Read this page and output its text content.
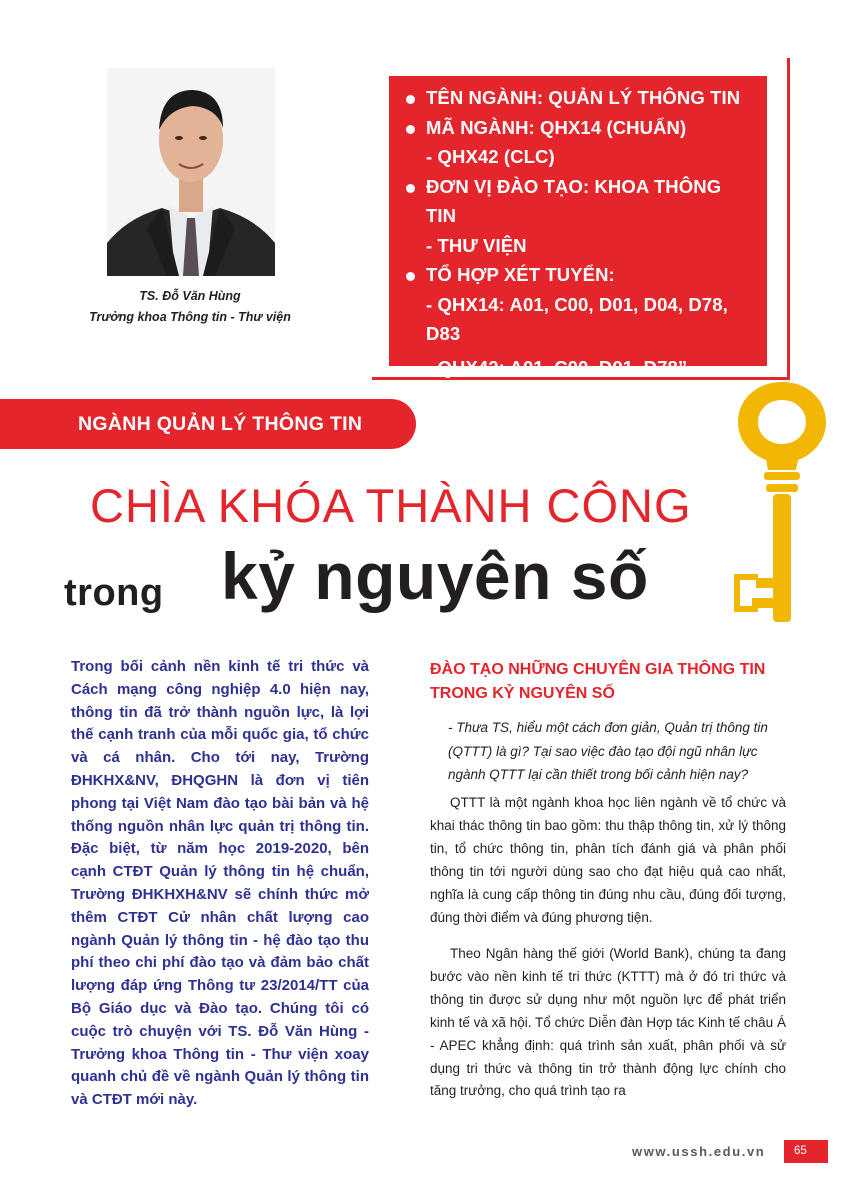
TS. Đỗ Văn Hùng
Trưởng khoa Thông tin - Thư viện
TÊN NGÀNH: QUẢN LÝ THÔNG TIN
MÃ NGÀNH: QHX14 (CHUẨN)
- QHX42 (CLC)
ĐƠN VỊ ĐÀO TẠO: KHOA THÔNG TIN
- THƯ VIỆN
TỔ HỢP XÉT TUYỂN:
- QHX14: A01, C00, D01, D04, D78,
D83
- QHX42: A01, C00, D01, D78”
NGÀNH QUẢN LÝ THÔNG TIN
CHÌA KHÓA THÀNH CÔNG
trong kỷ nguyên số
Trong bối cảnh nền kinh tế tri thức và Cách mạng công nghiệp 4.0 hiện nay, thông tin đã trở thành nguồn lực, là lợi thế cạnh tranh của mỗi quốc gia, tổ chức và cá nhân. Cho tới nay, Trường ĐHKHX&NV, ĐHQGHN là đơn vị tiên phong tại Việt Nam đào tạo bài bản và hệ thống nguồn nhân lực quản trị thông tin. Đặc biệt, từ năm học 2019-2020, bên cạnh CTĐT Quản lý thông tin hệ chuẩn, Trường ĐHKHXH&NV sẽ chính thức mở thêm CTĐT Cử nhân chất lượng cao ngành Quản lý thông tin - hệ đào tạo thu phí theo chi phí đào tạo và đảm bảo chất lượng đáp ứng Thông tư 23/2014/TT của Bộ Giáo dục và Đào tạo. Chúng tôi có cuộc trò chuyện với TS. Đỗ Văn Hùng - Trưởng khoa Thông tin - Thư viện xoay quanh chủ đề về ngành Quản lý thông tin và CTĐT mới này.
ĐÀO TẠO NHỮNG CHUYÊN GIA THÔNG TIN TRONG KỶ NGUYÊN SỐ
- Thưa TS, hiểu một cách đơn giản, Quản trị thông tin (QTTT) là gì? Tại sao việc đào tạo đội ngũ nhân lực ngành QTTT lại cần thiết trong bối cảnh hiện nay?
QTTT là một ngành khoa học liên ngành về tổ chức và khai thác thông tin bao gồm: thu thập thông tin, xử lý thông tin, tổ chức thông tin, phân tích đánh giá và phân phối thông tin tới người dùng sao cho đạt hiệu quả cao nhất, nghĩa là cung cấp thông tin đúng nhu cầu, đúng đối tượng, đúng thời điểm và đúng phương tiện.
Theo Ngân hàng thế giới (World Bank), chúng ta đang bước vào nền kinh tế tri thức (KTTT) mà ở đó tri thức và thông tin được sử dụng như một nguồn lực để phát triển kinh tế và xã hội. Tổ chức Diễn đàn Hợp tác Kinh tế châu Á - APEC khẳng định: quá trình sản xuất, phân phối và sử dụng tri thức và thông tin trở thành động lực chính cho tăng trưởng, cho quá trình tạo ra
www.ussh.edu.vn	65
